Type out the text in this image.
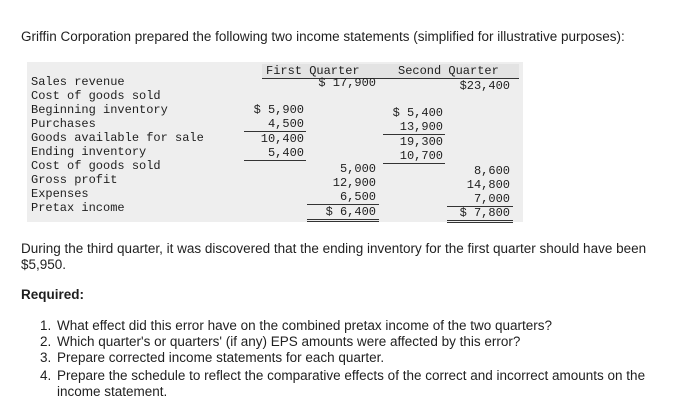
Griffin Corporation prepared the following two income statements (simplified for illustrative purposes):
First Quarter	Second Quarter
Sales revenue
Cost of goods sold
Beginning inventory
Purchases
Goods available for sale
Ending inventory
Cost of goods sold
Gross profit
Expenses
Pretax income
$ 17,900
$ 5,900
4,500
10,400
5,400
5,000
12,900
6,500
$ 6,400
$23,400
$ 5,400
13,900
19,300
10,700
8,600
14,800
7,000
$ 7,800
During the third quarter, it was discovered that the ending inventory for the first quarter should have been $5,950.
Required:
1. What effect did this error have on the combined pretax income of the two quarters?
2. Which quarter's or quarters' (if any) EPS amounts were affected by this error?
3. Prepare corrected income statements for each quarter.
4. Prepare the schedule to reflect the comparative effects of the correct and incorrect amounts on the income statement.
